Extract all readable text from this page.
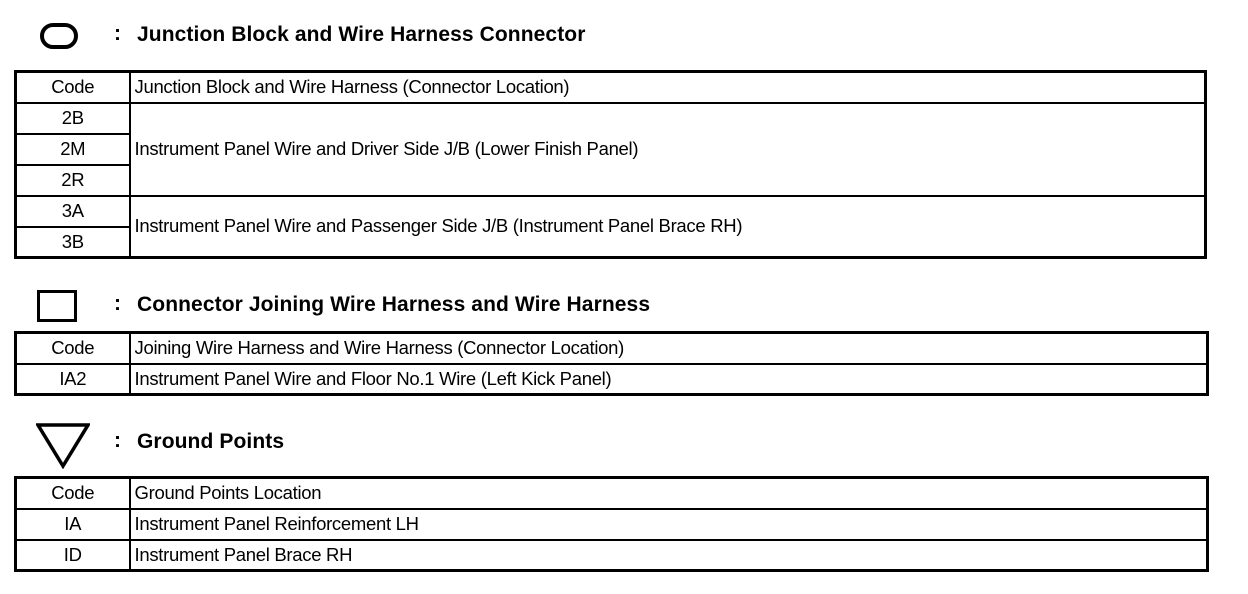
: Junction Block and Wire Harness Connector
Code	Junction Block and Wire Harness (Connector Location)
2B	Instrument Panel Wire and Driver Side J/B (Lower Finish Panel)
2M	
2R	
3A	Instrument Panel Wire and Passenger Side J/B (Instrument Panel Brace RH)
3B	
: Connector Joining Wire Harness and Wire Harness
Code	Joining Wire Harness and Wire Harness (Connector Location)
IA2	Instrument Panel Wire and Floor No.1 Wire (Left Kick Panel)
: Ground Points
Code	Ground Points Location
IA	Instrument Panel Reinforcement LH
ID	Instrument Panel Brace RH
